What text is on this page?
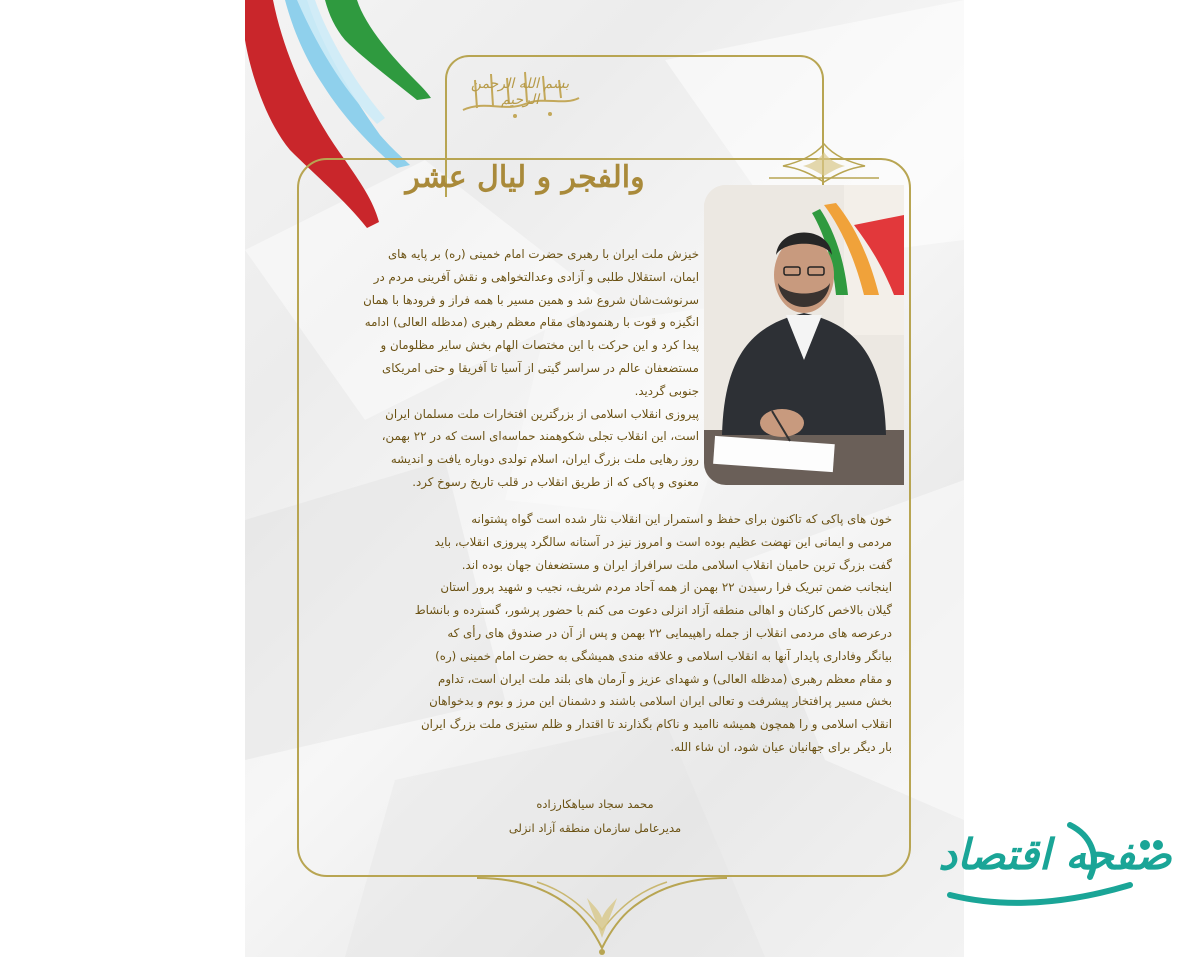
بسم الله الرحمن الرحيم
والفجر و ليال عشر
خیزش ملت ایران با رهبری حضرت امام خمینی (ره) بر پایه های
ایمان، استقلال طلبی و آزادی وعدالتخواهی و نقش آفرینی مردم در
سرنوشت‌شان شروع شد و همین مسیر با همه فراز و فرودها با همان
انگیزه و قوت با رهنمودهای مقام معظم رهبری (مدظله العالی) ادامه
پیدا کرد و این حرکت با این مختصات الهام بخش سایر مظلومان و
مستضعفان عالم در سراسر گیتی از آسیا تا آفریقا و حتی امریکای
جنوبی گردید.
پیروزی انقلاب اسلامی از بزرگترین افتخارات ملت مسلمان ایران
است، این انقلاب تجلی شکوهمند حماسه‌ای است که در ۲۲ بهمن،
روز رهایی ملت بزرگ ایران، اسلام تولدی دوباره یافت و اندیشه
معنوی و پاکی که از طریق انقلاب در قلب تاریخ رسوخ کرد.
خون های پاکی که تاکنون برای حفظ و استمرار این انقلاب نثار شده است گواه پشتوانه
مردمی و ایمانی این نهضت عظیم بوده است و امروز نیز در آستانه سالگرد پیروزی انقلاب، باید
گفت بزرگ ترین حامیان انقلاب اسلامی ملت سرافراز ایران و مستضعفان جهان بوده اند.
اینجانب ضمن تبریک فرا رسیدن ۲۲ بهمن از همه آحاد مردم شریف، نجیب و شهید پرور استان
گیلان بالاخص کارکنان و اهالی منطقه آزاد انزلی دعوت می کنم با حضور پرشور، گسترده و بانشاط
درعرصه های مردمی انقلاب از جمله راهپیمایی ۲۲ بهمن و پس از آن در صندوق های رأی که
بیانگر وفاداری پایدار آنها به انقلاب اسلامی و علاقه مندی همیشگی به حضرت امام خمینی (ره)
و مقام معظم رهبری (مدظله العالی) و شهدای عزیز و آرمان های بلند ملت ایران است، تداوم
بخش مسیر پرافتخار پیشرفت و تعالی ایران اسلامی باشند و دشمنان این مرز و بوم و بدخواهان
انقلاب اسلامی و را همچون همیشه ناامید و ناکام بگذارند تا اقتدار و ظلم ستیزی ملت بزرگ ایران
بار دیگر برای جهانیان عیان شود، ان شاء الله.
محمد سجاد سیاهکارزاده
مدیرعامل سازمان منطقه آزاد انزلی
صفحه اقتصاد
